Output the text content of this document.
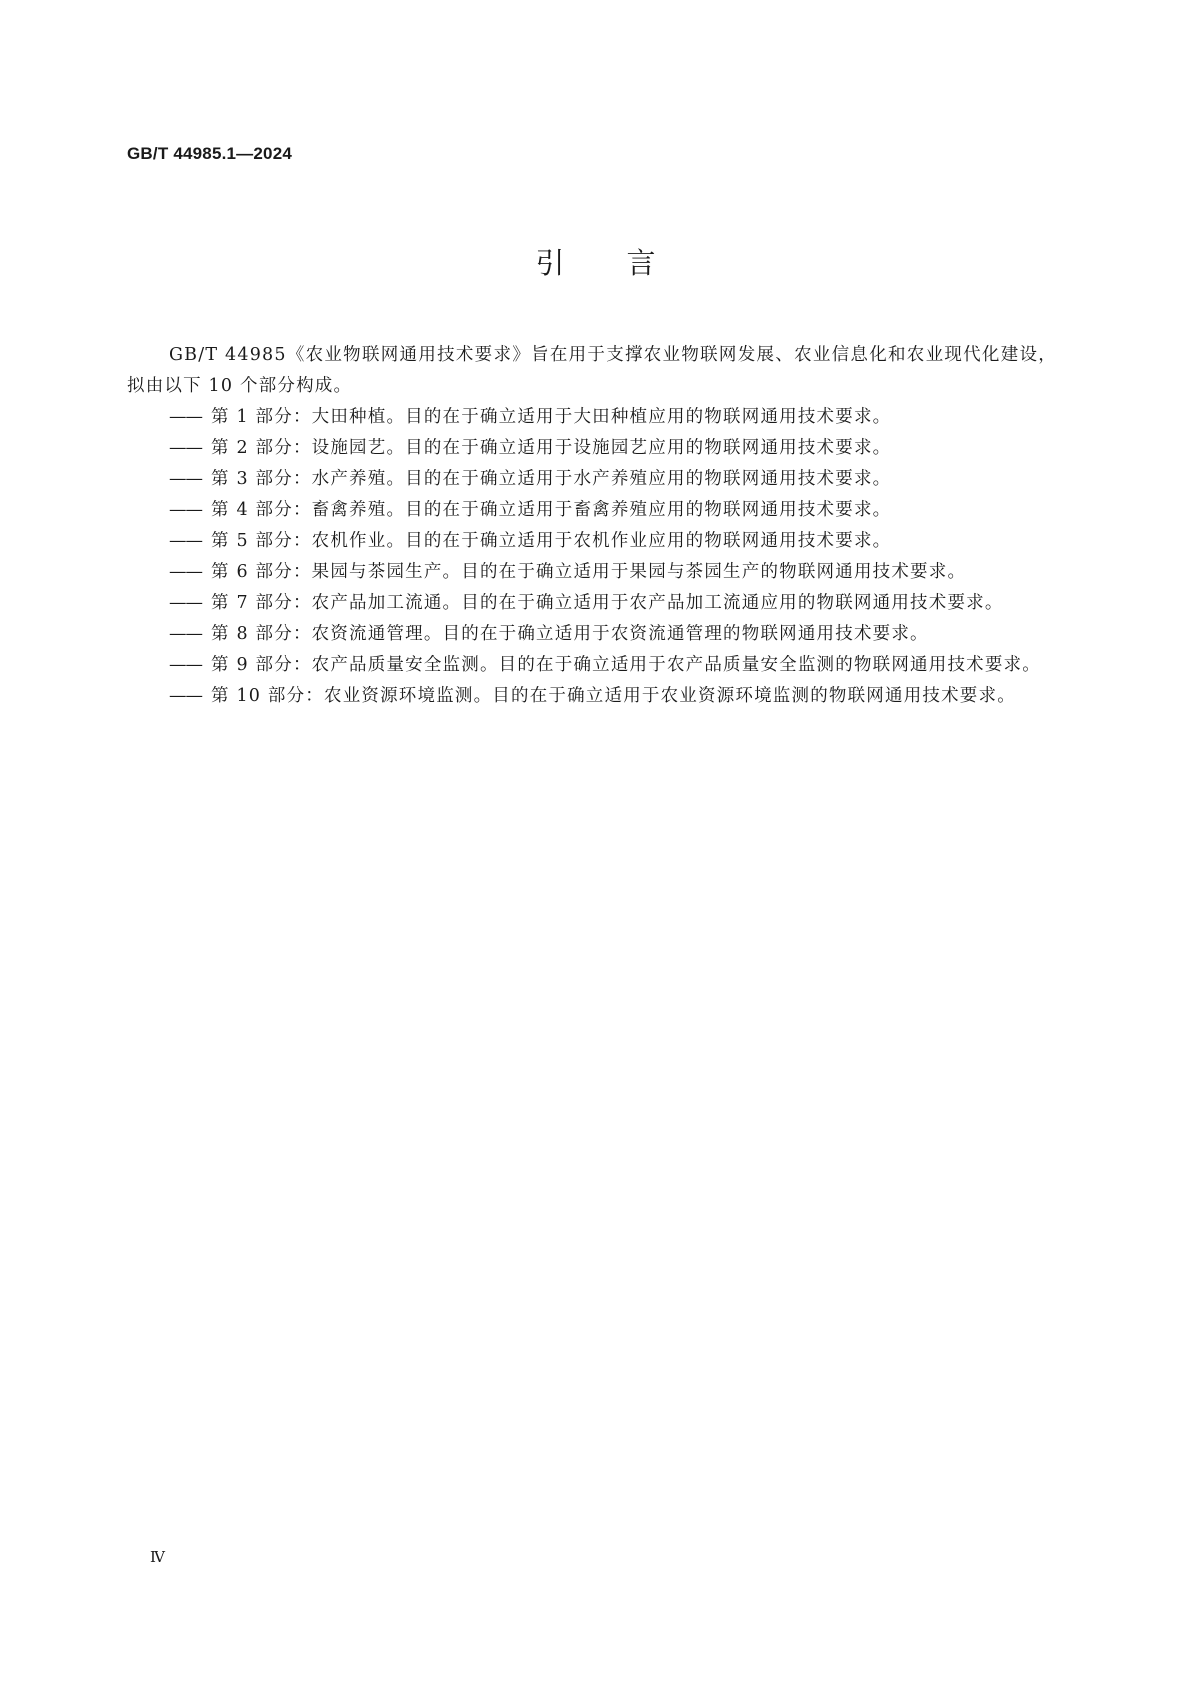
GB/T 44985.1—2024
引言

GB/T 44985《农业物联网通用技术要求》旨在用于支撑农业物联网发展、农业信息化和农业现代化建设，拟由以下 10 个部分构成。

—— 第 1 部分：大田种植。目的在于确立适用于大田种植应用的物联网通用技术要求。
—— 第 2 部分：设施园艺。目的在于确立适用于设施园艺应用的物联网通用技术要求。
—— 第 3 部分：水产养殖。目的在于确立适用于水产养殖应用的物联网通用技术要求。
—— 第 4 部分：畜禽养殖。目的在于确立适用于畜禽养殖应用的物联网通用技术要求。
—— 第 5 部分：农机作业。目的在于确立适用于农机作业应用的物联网通用技术要求。
—— 第 6 部分：果园与茶园生产。目的在于确立适用于果园与茶园生产的物联网通用技术要求。
—— 第 7 部分：农产品加工流通。目的在于确立适用于农产品加工流通应用的物联网通用技术要求。
—— 第 8 部分：农资流通管理。目的在于确立适用于农资流通管理的物联网通用技术要求。
—— 第 9 部分：农产品质量安全监测。目的在于确立适用于农产品质量安全监测的物联网通用技术要求。
—— 第 10 部分：农业资源环境监测。目的在于确立适用于农业资源环境监测的物联网通用技术要求。
Ⅳ
